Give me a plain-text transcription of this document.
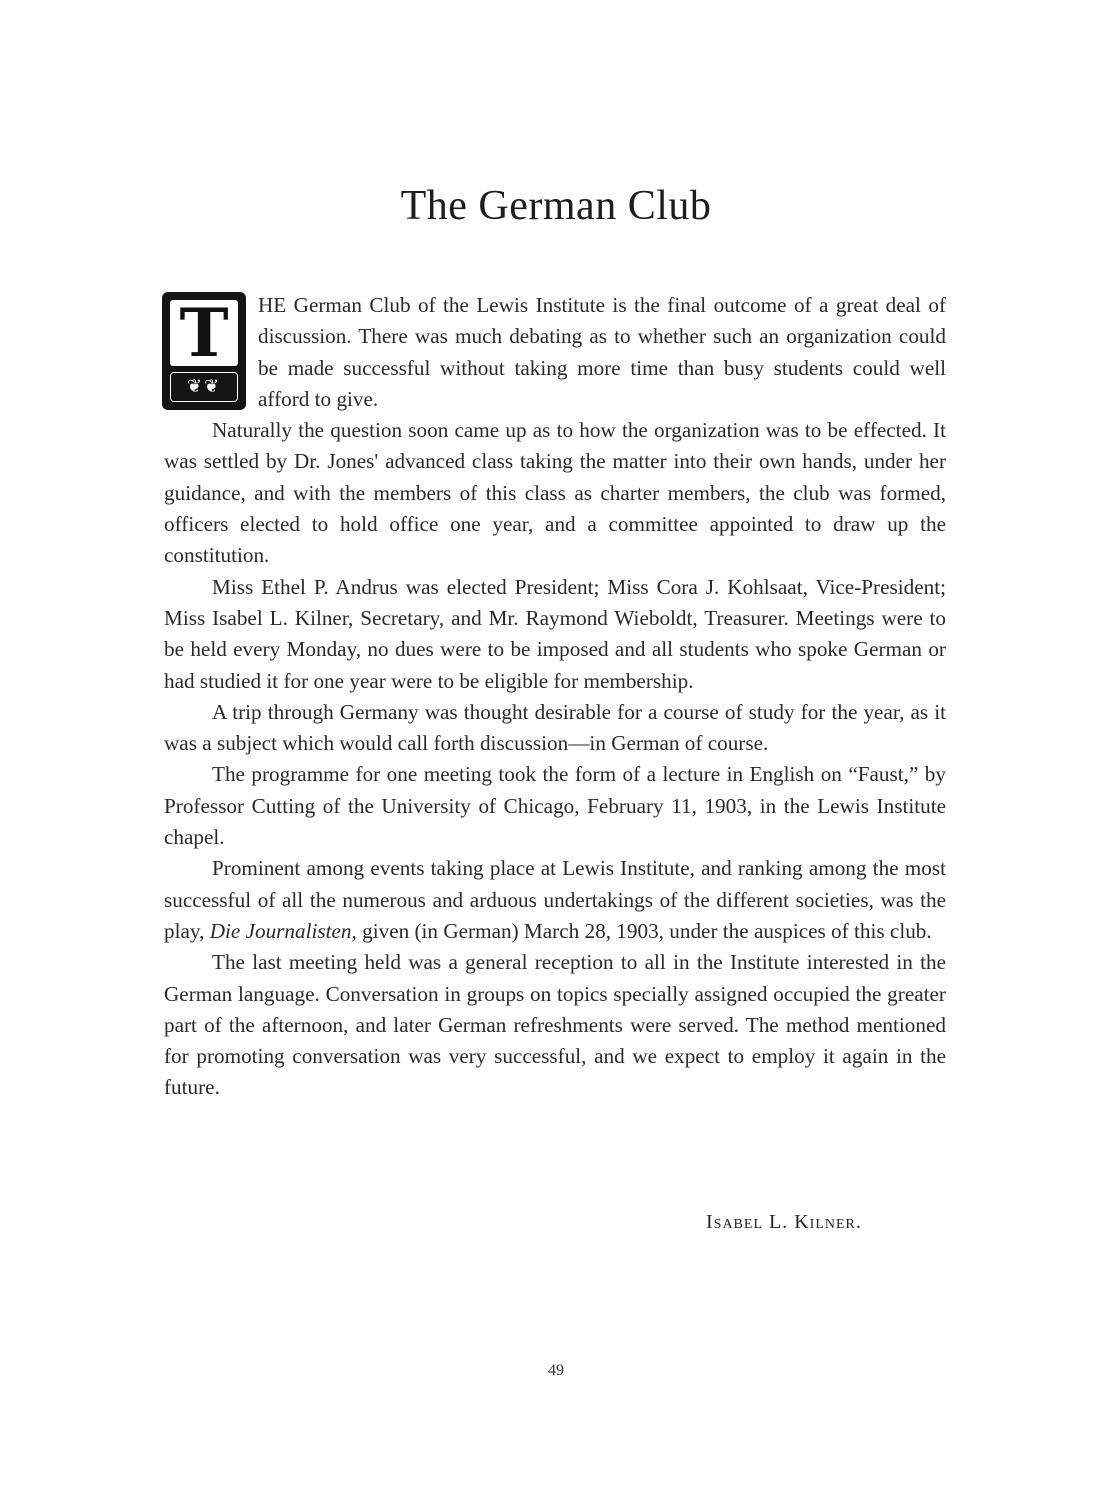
The German Club

T
❦❦
HE German Club of the Lewis Institute is the final outcome of a great deal of discussion. There was much debating as to whether such an organization could be made successful without taking more time than busy students could well afford to give.

Naturally the question soon came up as to how the organization was to be effected. It was settled by Dr. Jones' advanced class taking the matter into their own hands, under her guidance, and with the members of this class as charter members, the club was formed, officers elected to hold office one year, and a committee appointed to draw up the constitution.

Miss Ethel P. Andrus was elected President; Miss Cora J. Kohlsaat, Vice-President; Miss Isabel L. Kilner, Secretary, and Mr. Raymond Wieboldt, Treasurer. Meetings were to be held every Monday, no dues were to be imposed and all students who spoke German or had studied it for one year were to be eligible for membership.

A trip through Germany was thought desirable for a course of study for the year, as it was a subject which would call forth discussion—in German of course.

The programme for one meeting took the form of a lecture in English on “Faust,” by Professor Cutting of the University of Chicago, February 11, 1903, in the Lewis Institute chapel.

Prominent among events taking place at Lewis Institute, and ranking among the most successful of all the numerous and arduous undertakings of the different societies, was the play, Die Journalisten, given (in German) March 28, 1903, under the auspices of this club.

The last meeting held was a general reception to all in the Institute interested in the German language. Conversation in groups on topics specially assigned occupied the greater part of the afternoon, and later German refreshments were served. The method mentioned for promoting conversation was very successful, and we expect to employ it again in the future.

Isabel L. Kilner.
49
